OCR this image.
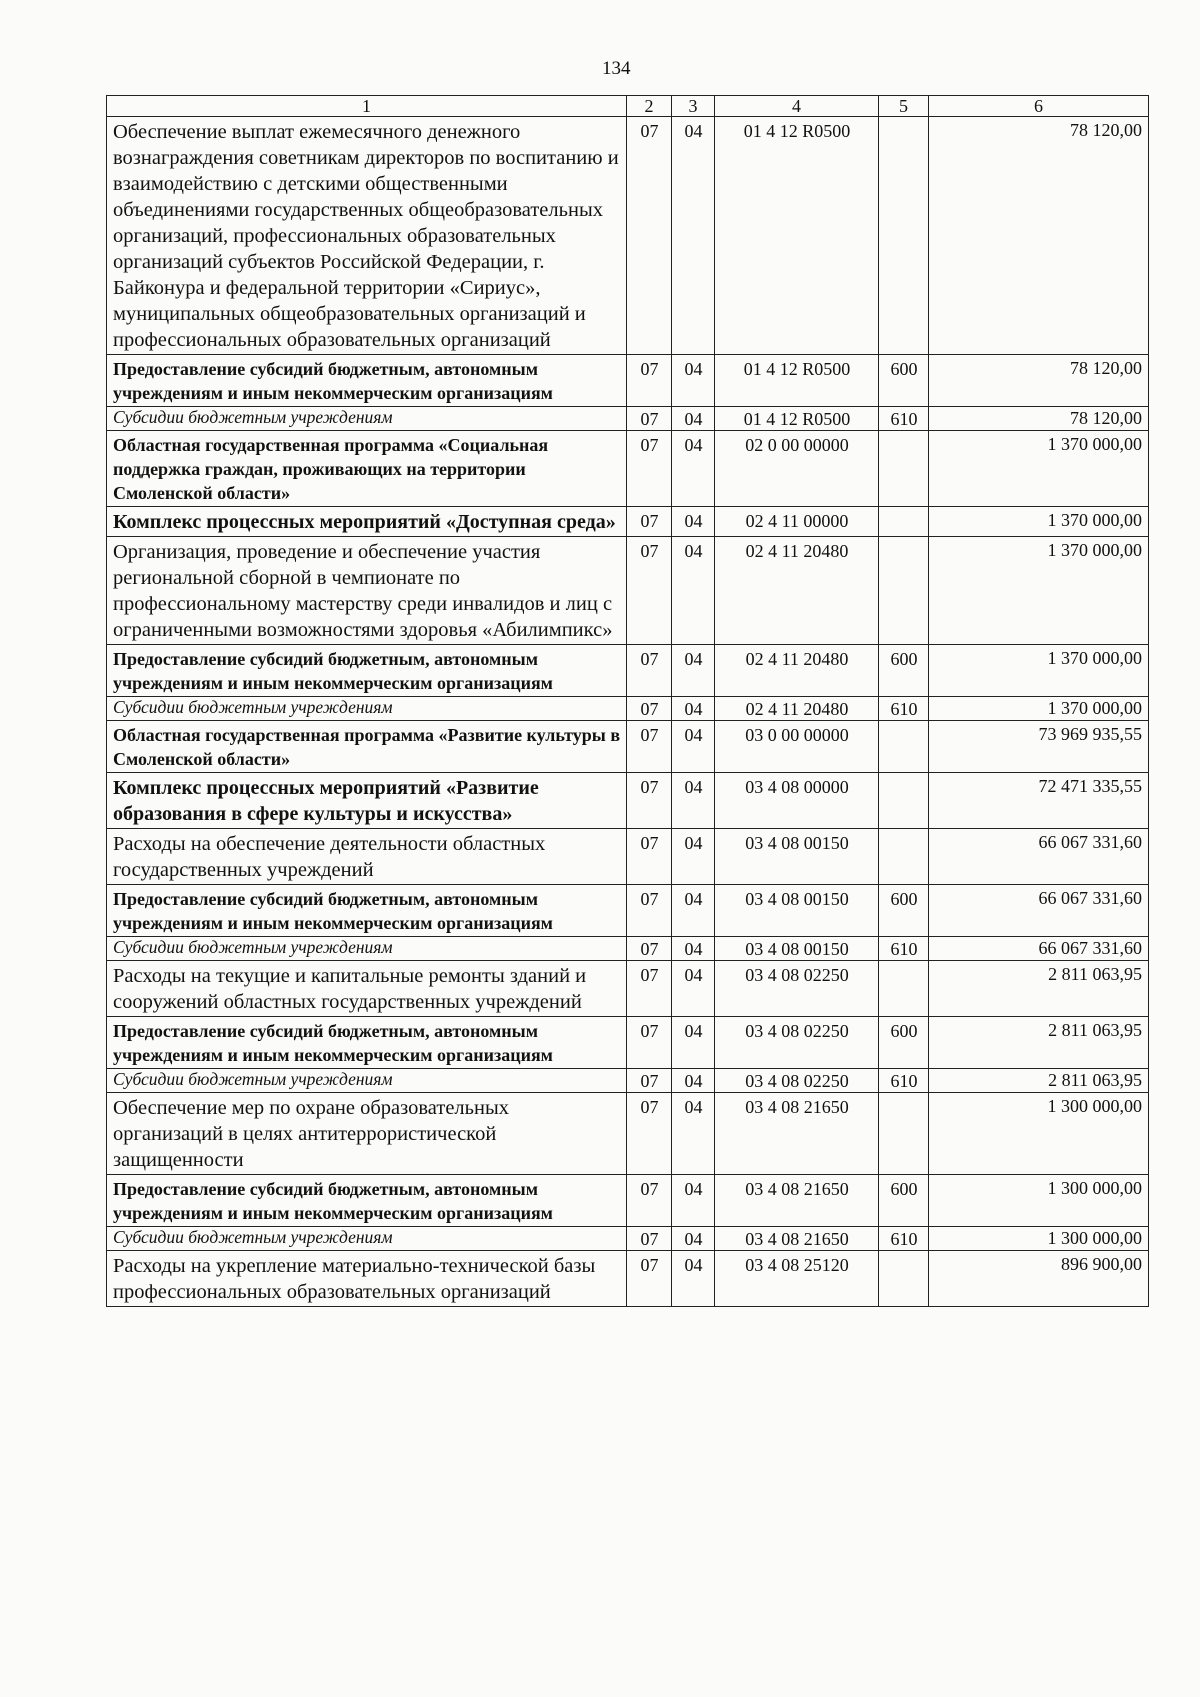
134
1	2	3	4	5	6
Обеспечение выплат ежемесячного денежного вознаграждения советникам директоров по воспитанию и взаимодействию с детскими общественными объединениями государственных общеобразовательных организаций, профессиональных образовательных организаций субъектов Российской Федерации, г. Байконура и федеральной территории «Сириус», муниципальных общеобразовательных организаций и профессиональных образовательных организаций	07	04	01 4 12 R0500		78 120,00
Предоставление субсидий бюджетным, автономным учреждениям и иным некоммерческим организациям	07	04	01 4 12 R0500	600	78 120,00
Субсидии бюджетным учреждениям	07	04	01 4 12 R0500	610	78 120,00
Областная государственная программа «Социальная поддержка граждан, проживающих на территории Смоленской области»	07	04	02 0 00 00000		1 370 000,00
Комплекс процессных мероприятий «Доступная среда»	07	04	02 4 11 00000		1 370 000,00
Организация, проведение и обеспечение участия региональной сборной в чемпионате по профессиональному мастерству среди инвалидов и лиц с ограниченными возможностями здоровья «Абилимпикс»	07	04	02 4 11 20480		1 370 000,00
Предоставление субсидий бюджетным, автономным учреждениям и иным некоммерческим организациям	07	04	02 4 11 20480	600	1 370 000,00
Субсидии бюджетным учреждениям	07	04	02 4 11 20480	610	1 370 000,00
Областная государственная программа «Развитие культуры в Смоленской области»	07	04	03 0 00 00000		73 969 935,55
Комплекс процессных мероприятий «Развитие образования в сфере культуры и искусства»	07	04	03 4 08 00000		72 471 335,55
Расходы на обеспечение деятельности областных государственных учреждений	07	04	03 4 08 00150		66 067 331,60
Предоставление субсидий бюджетным, автономным учреждениям и иным некоммерческим организациям	07	04	03 4 08 00150	600	66 067 331,60
Субсидии бюджетным учреждениям	07	04	03 4 08 00150	610	66 067 331,60
Расходы на текущие и капитальные ремонты зданий и сооружений областных государственных учреждений	07	04	03 4 08 02250		2 811 063,95
Предоставление субсидий бюджетным, автономным учреждениям и иным некоммерческим организациям	07	04	03 4 08 02250	600	2 811 063,95
Субсидии бюджетным учреждениям	07	04	03 4 08 02250	610	2 811 063,95
Обеспечение мер по охране образовательных организаций в целях антитеррористической защищенности	07	04	03 4 08 21650		1 300 000,00
Предоставление субсидий бюджетным, автономным учреждениям и иным некоммерческим организациям	07	04	03 4 08 21650	600	1 300 000,00
Субсидии бюджетным учреждениям	07	04	03 4 08 21650	610	1 300 000,00
Расходы на укрепление материально-технической базы профессиональных образовательных организаций	07	04	03 4 08 25120		896 900,00
